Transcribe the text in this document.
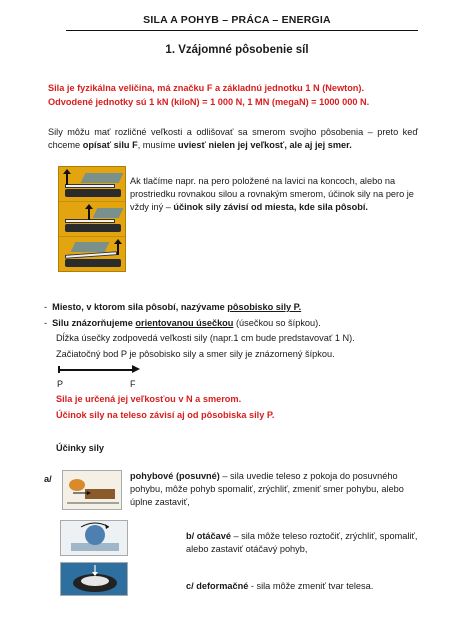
SILA A POHYB – PRÁCA – ENERGIA
1. Vzájomné pôsobenie síl
Sila je fyzikálna veličina, má značku F a základnú jednotku 1 N (Newton).
Odvodené jednotky sú 1 kN (kiloN) = 1 000 N, 1 MN (megaN) = 1000 000 N.
Sily môžu mať rozličné veľkosti a odlišovať sa smerom svojho pôsobenia – preto keď chceme opísať silu F, musíme uviesť nielen jej veľkosť, ale aj jej smer.
Ak tlačíme napr. na pero položené na lavici na koncoch, alebo na prostriedku rovnakou silou a rovnakým smerom, účinok sily na pero je vždy iný – účinok sily závisí od miesta, kde sila pôsobí.
-  Miesto, v ktorom sila pôsobí, nazývame pôsobisko sily P.
-  Silu znázorňujeme orientovanou úsečkou (úsečkou so šípkou).
Dĺžka úsečky zodpovedá veľkosti sily (napr.1 cm bude predstavovať 1 N).
Začiatočný bod P je pôsobisko sily a smer sily je znázornený šípkou.
P	F
Sila je určená jej veľkosťou v N a smerom.
Účinok sily na teleso závisí aj od pôsobiska sily P.
Účinky sily
a/	pohybové (posuvné) – sila uvedie teleso z pokoja do posuvného
pohybu, môže pohyb spomaliť, zrýchliť, zmeniť smer pohybu, alebo
úplne zastaviť,
b/ otáčavé – sila môže teleso roztočiť, zrýchliť, spomaliť,
alebo zastaviť otáčavý pohyb,
c/ deformačné - sila môže zmeniť tvar telesa.
